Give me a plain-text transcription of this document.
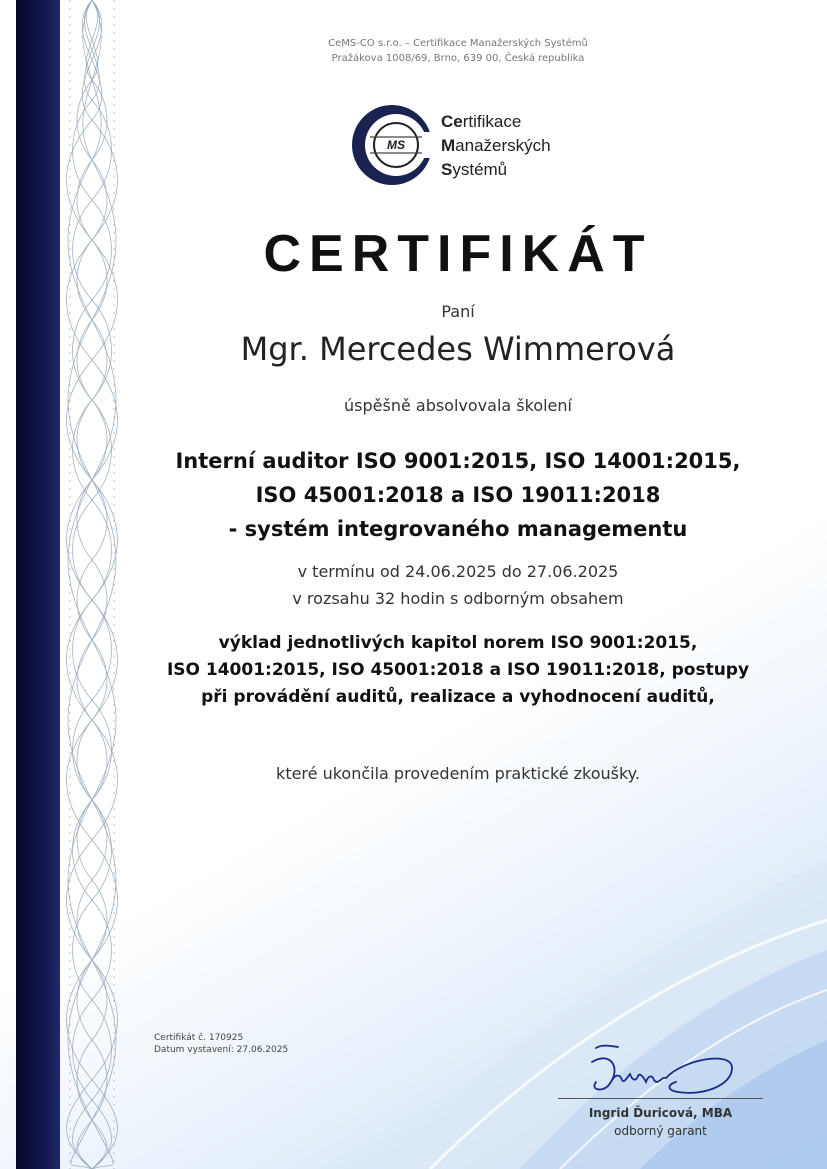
CeMS-CO s.r.o. – Certifikace Manažerských Systémů
Pražákova 1008/69, Brno, 639 00, Česká republika
MS
Certifikace
Manažerských
Systémů
CERTIFIKÁT
Paní
Mgr. Mercedes Wimmerová
úspěšně absolvovala školení
Interní auditor ISO 9001:2015, ISO 14001:2015,
ISO 45001:2018 a ISO 19011:2018
- systém integrovaného managementu
v termínu od 24.06.2025 do 27.06.2025
v rozsahu 32 hodin s odborným obsahem
výklad jednotlivých kapitol norem ISO 9001:2015,
ISO 14001:2015, ISO 45001:2018 a ISO 19011:2018, postupy
při provádění auditů, realizace a vyhodnocení auditů,
které ukončila provedením praktické zkoušky.
Certifikát č. 170925
Datum vystavení: 27.06.2025
Ingrid Ďuricová, MBA
odborný garant
